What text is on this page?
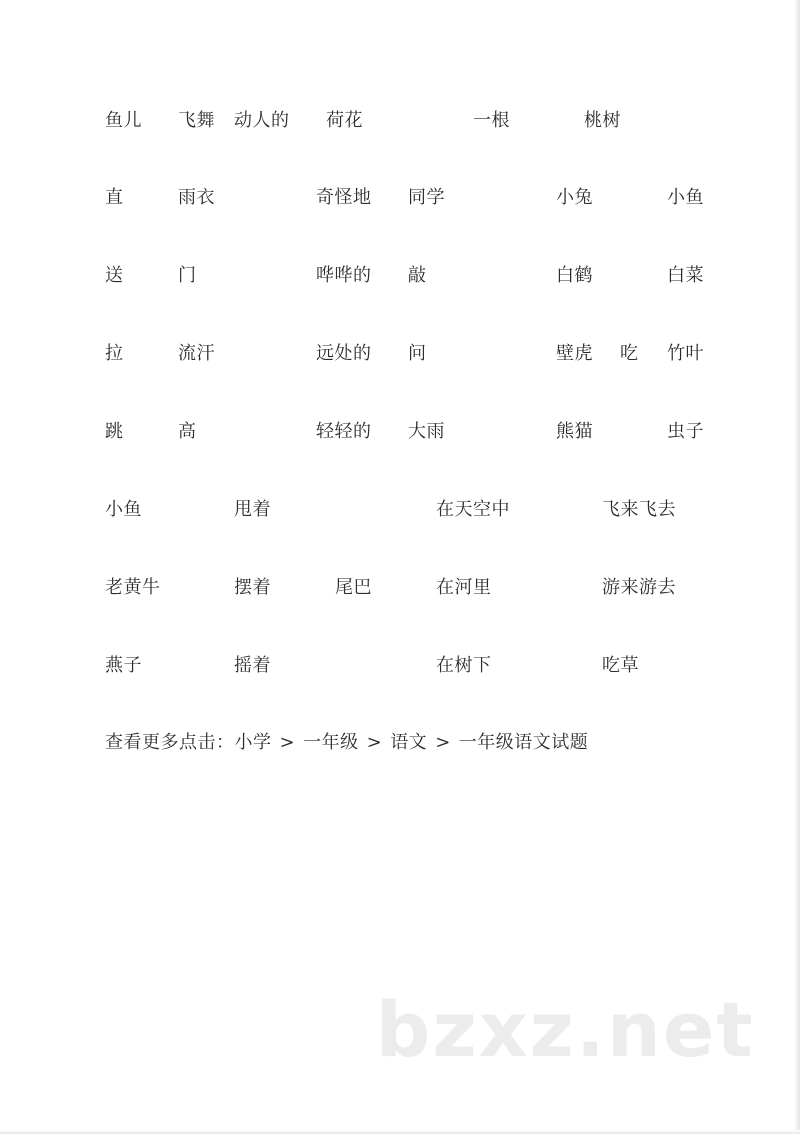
鱼儿 飞舞 动人的 荷花	一根	桃树
直	雨衣	奇怪地 同学	小兔	小鱼
送	门	哗哗的 敲	白鹤	白菜
拉	流汗	远处的 问	壁虎 吃 竹叶
跳	高	轻轻的 大雨	熊猫	虫子
小鱼	甩着	在天空中	飞来飞去
老黄牛	摆着	尾巴	在河里	游来游去
燕子	摇着	在树下	吃草
查看更多点击：小学 > 一年级 > 语文 > 一年级语文试题
bzxz.net
